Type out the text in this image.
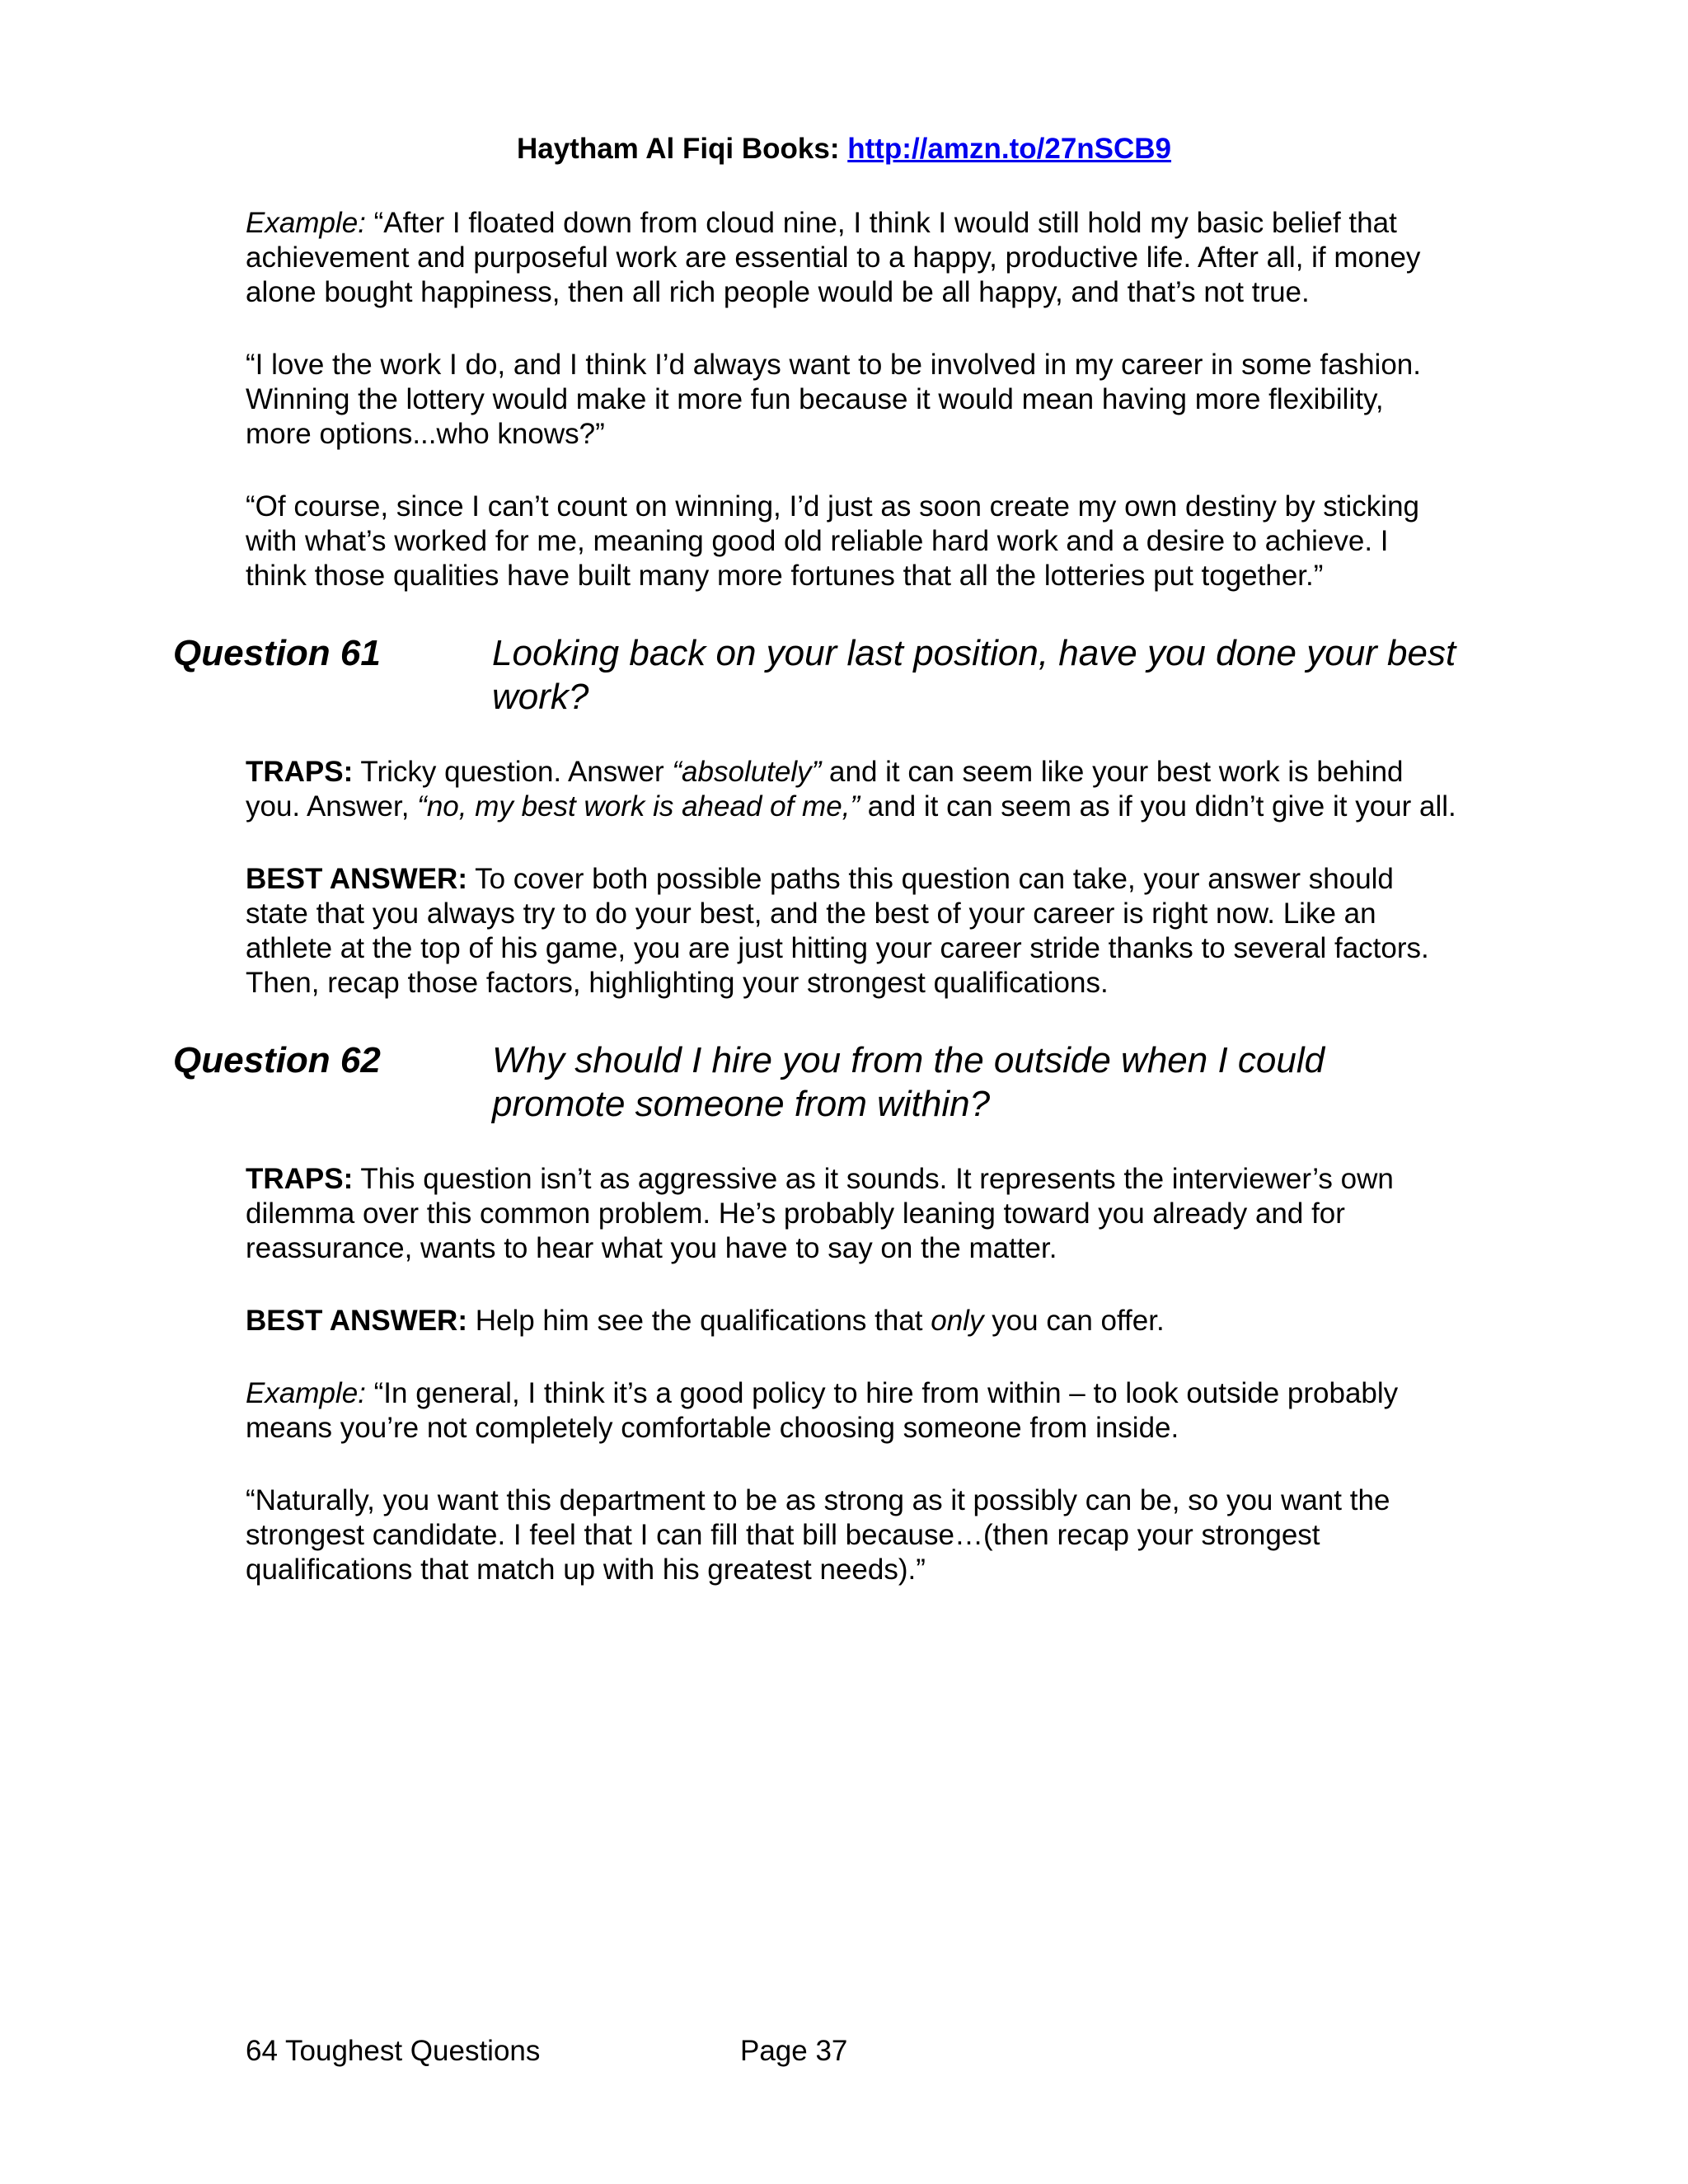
Haytham Al Fiqi Books: http://amzn.to/27nSCB9

Example: “After I floated down from cloud nine, I think I would still hold my basic belief that achievement and purposeful work are essential to a happy, productive life. After all, if money alone bought happiness, then all rich people would be all happy, and that’s not true.

“I love the work I do, and I think I’d always want to be involved in my career in some fashion. Winning the lottery would make it more fun because it would mean having more flexibility, more options...who knows?”

“Of course, since I can’t count on winning, I’d just as soon create my own destiny by sticking with what’s worked for me, meaning good old reliable hard work and a desire to achieve. I think those qualities have built many more fortunes that all the lotteries put together.”

Question 61	Looking back on your last position, have you done your best work?

TRAPS: Tricky question. Answer “absolutely” and it can seem like your best work is behind you. Answer, “no, my best work is ahead of me,” and it can seem as if you didn’t give it your all.

BEST ANSWER: To cover both possible paths this question can take, your answer should state that you always try to do your best, and the best of your career is right now. Like an athlete at the top of his game, you are just hitting your career stride thanks to several factors. Then, recap those factors, highlighting your strongest qualifications.

Question 62	Why should I hire you from the outside when I could promote someone from within?

TRAPS: This question isn’t as aggressive as it sounds. It represents the interviewer’s own dilemma over this common problem. He’s probably leaning toward you already and for reassurance, wants to hear what you have to say on the matter.

BEST ANSWER: Help him see the qualifications that only you can offer.

Example: “In general, I think it’s a good policy to hire from within – to look outside probably means you’re not completely comfortable choosing someone from inside.

“Naturally, you want this department to be as strong as it possibly can be, so you want the strongest candidate. I feel that I can fill that bill because…(then recap your strongest qualifications that match up with his greatest needs).”

64 Toughest Questions	Page 37
